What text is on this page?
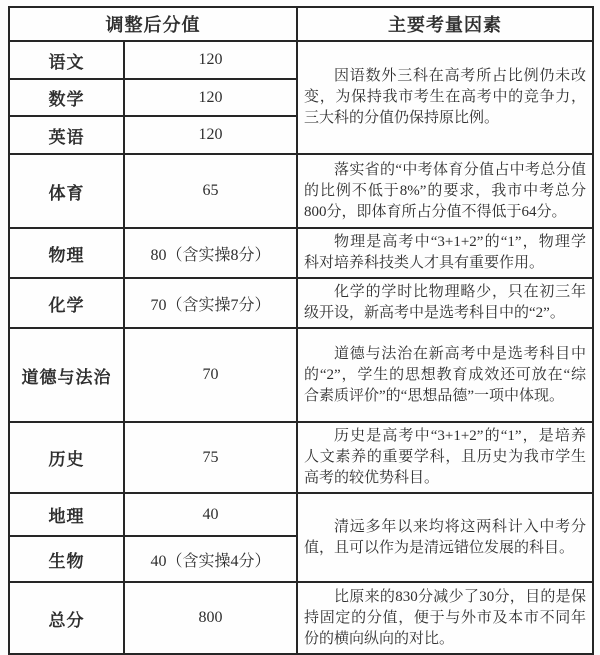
调整后分值		主要考量因素
语文	120	因语数外三科在高考所占比例仍未改变，为保持我市考生在高考中的竞争力，三大科的分值仍保持原比例。

数学	120	
英语	120	
体育	65	落实省的“中考体育分值占中考总分值的比例不低于8%”的要求，我市中考总分800分，即体育所占分值不得低于64分。

物理	80（含实操8分）	物理是高考中“3+1+2”的“1”，物理学科对培养科技类人才具有重要作用。

化学	70（含实操7分）	化学的学时比物理略少，只在初三年级开设，新高考中是选考科目中的“2”。

道德与法治	70	道德与法治在新高考中是选考科目中的“2”，学生的思想教育成效还可放在“综合素质评价”的“思想品德”一项中体现。

历史	75	历史是高考中“3+1+2”的“1”，是培养人文素养的重要学科，且历史为我市学生高考的较优势科目。

地理	40	清远多年以来均将这两科计入中考分值，且可以作为是清远错位发展的科目。

生物	40（含实操4分）	
总分	800	比原来的830分减少了30分，目的是保持固定的分值，便于与外市及本市不同年份的横向纵向的对比。
